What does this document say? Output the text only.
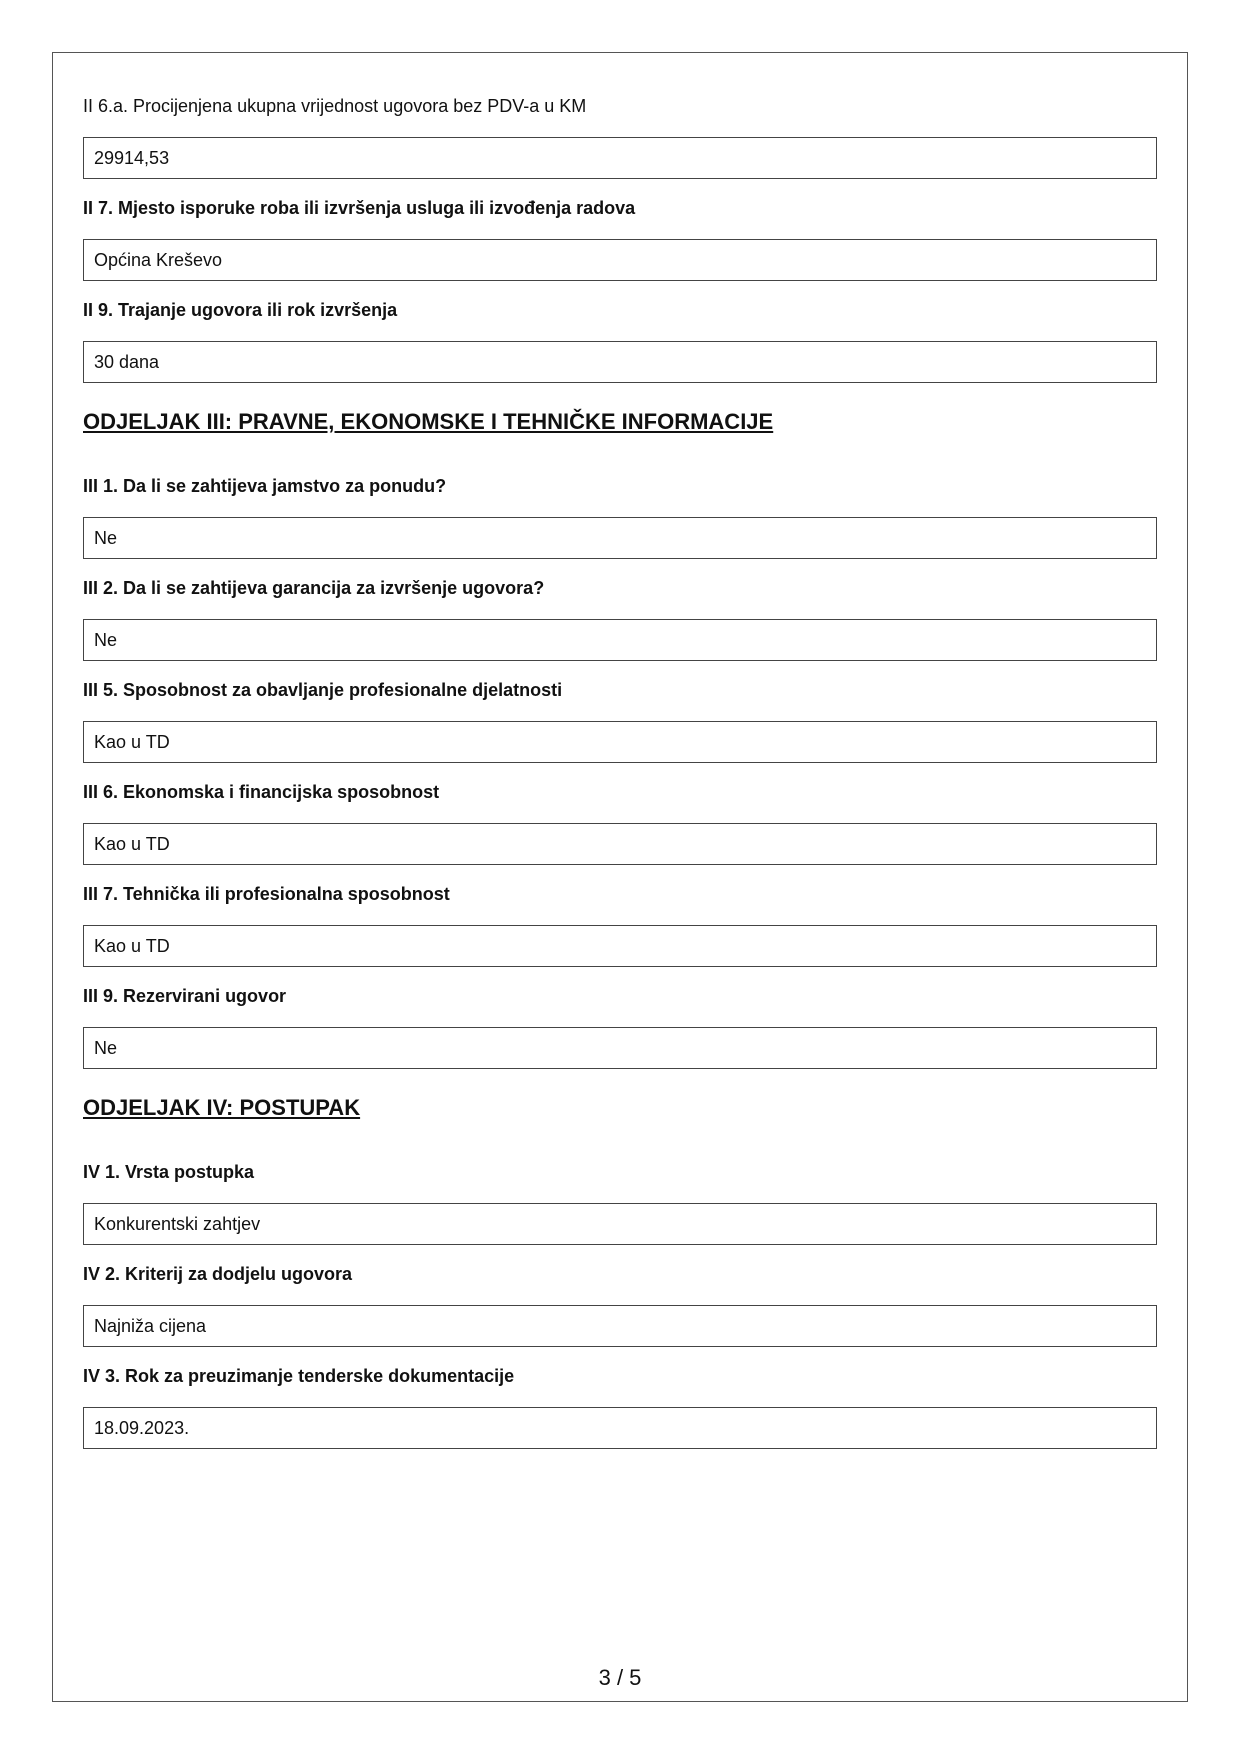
II 6.a. Procijenjena ukupna vrijednost ugovora bez PDV-a u KM
29914,53
II 7. Mjesto isporuke roba ili izvršenja usluga ili izvođenja radova
Općina Kreševo
II 9. Trajanje ugovora ili rok izvršenja
30 dana
ODJELJAK III: PRAVNE, EKONOMSKE I TEHNIČKE INFORMACIJE
III 1. Da li se zahtijeva jamstvo za ponudu?
Ne
III 2. Da li se zahtijeva garancija za izvršenje ugovora?
Ne
III 5. Sposobnost za obavljanje profesionalne djelatnosti
Kao u TD
III 6. Ekonomska i financijska sposobnost
Kao u TD
III 7. Tehnička ili profesionalna sposobnost
Kao u TD
III 9. Rezervirani ugovor
Ne
ODJELJAK IV: POSTUPAK
IV 1. Vrsta postupka
Konkurentski zahtjev
IV 2. Kriterij za dodjelu ugovora
Najniža cijena
IV 3. Rok za preuzimanje tenderske dokumentacije
18.09.2023.
3 / 5
